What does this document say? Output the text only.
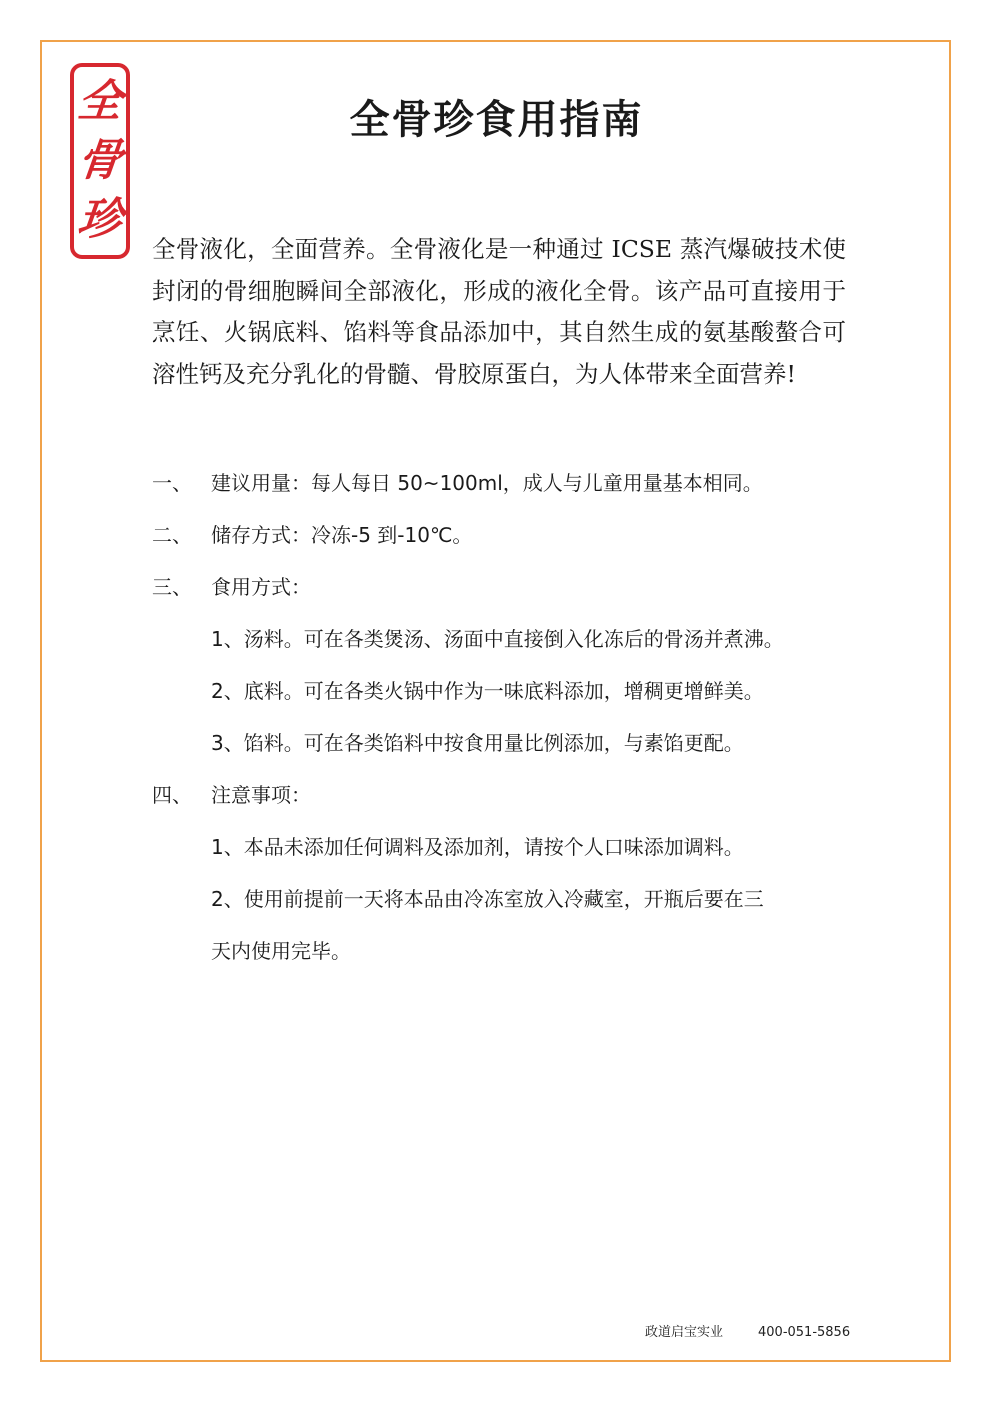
全
骨
珍
全骨珍食用指南

全骨液化，全面营养。全骨液化是一种通过 ICSE 蒸汽爆破技术使封闭的骨细胞瞬间全部液化，形成的液化全骨。该产品可直接用于烹饪、火锅底料、馅料等食品添加中，其自然生成的氨基酸螯合可溶性钙及充分乳化的骨髓、骨胶原蛋白，为人体带来全面营养!

一、 建议用量：每人每日 50~100ml，成人与儿童用量基本相同。
二、 储存方式：冷冻-5 到-10℃。
三、 食用方式：
1、汤料。可在各类煲汤、汤面中直接倒入化冻后的骨汤并煮沸。
2、底料。可在各类火锅中作为一味底料添加，增稠更增鲜美。
3、馅料。可在各类馅料中按食用量比例添加，与素馅更配。
四、 注意事项：
1、本品未添加任何调料及添加剂，请按个人口味添加调料。
2、使用前提前一天将本品由冷冻室放入冷藏室，开瓶后要在三
天内使用完毕。
政道启宝实业	400-051-5856
